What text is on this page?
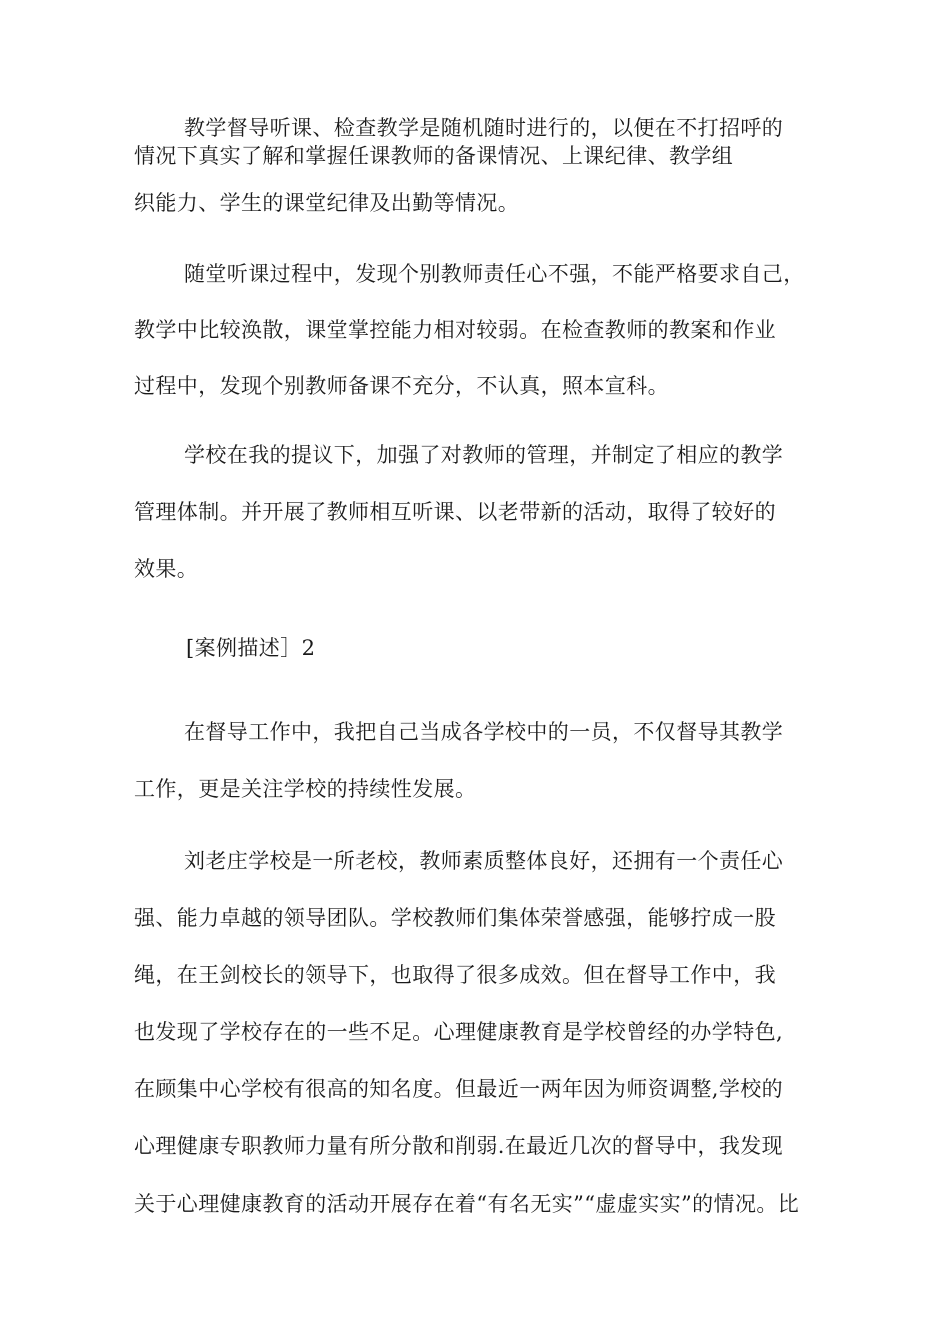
教学督导听课、检查教学是随机随时进行的，以便在不打招呼的
情况下真实了解和掌握任课教师的备课情况、上课纪律、教学组
织能力、学生的课堂纪律及出勤等情况。
随堂听课过程中，发现个别教师责任心不强，不能严格要求自己，
教学中比较涣散，课堂掌控能力相对较弱。在检查教师的教案和作业
过程中，发现个别教师备课不充分，不认真，照本宣科。
学校在我的提议下，加强了对教师的管理，并制定了相应的教学
管理体制。并开展了教师相互听课、以老带新的活动，取得了较好的
效果。
[案例描述］2
在督导工作中，我把自己当成各学校中的一员，不仅督导其教学
工作，更是关注学校的持续性发展。
刘老庄学校是一所老校，教师素质整体良好，还拥有一个责任心
强、能力卓越的领导团队。学校教师们集体荣誉感强，能够拧成一股
绳，在王剑校长的领导下，也取得了很多成效。但在督导工作中，我
也发现了学校存在的一些不足。心理健康教育是学校曾经的办学特色,
在顾集中心学校有很高的知名度。但最近一两年因为师资调整,学校的
心理健康专职教师力量有所分散和削弱.在最近几次的督导中，我发现
关于心理健康教育的活动开展存在着“有名无实”“虚虚实实”的情况。比
